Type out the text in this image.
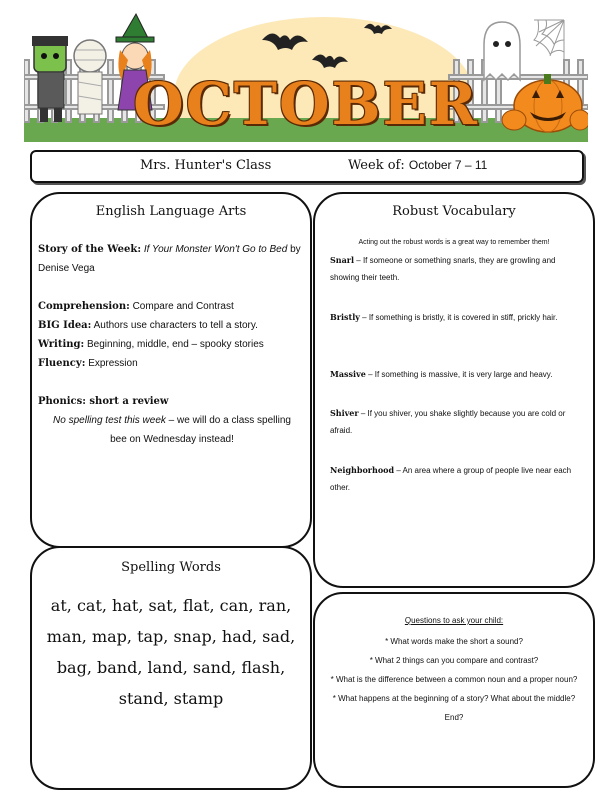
OCTOBER
Mrs. Hunter's Class	Week of: October 7 – 11
English Language Arts
Story of the Week: If Your Monster Won't Go to Bed by Denise Vega
Comprehension: Compare and Contrast
BIG Idea: Authors use characters to tell a story.
Writing: Beginning, middle, end – spooky stories
Fluency: Expression
Phonics: short a review
No spelling test this week – we will do a class spelling bee on Wednesday instead!
Robust Vocabulary
Acting out the robust words is a great way to remember them!
Snarl – If someone or something snarls, they are growling and showing their teeth.
Bristly – If something is bristly, it is covered in stiff, prickly hair.
Massive – If something is massive, it is very large and heavy.
Shiver – If you shiver, you shake slightly because you are cold or afraid.
Neighborhood – An area where a group of people live near each other.
Spelling Words
at, cat, hat, sat, flat, can, ran, man, map, tap, snap, had, sad, bag, band, land, sand, flash, stand, stamp
Questions to ask your child:
* What words make the short a sound?
* What 2 things can you compare and contrast?
* What is the difference between a common noun and a proper noun?
* What happens at the beginning of a story? What about the middle? End?
